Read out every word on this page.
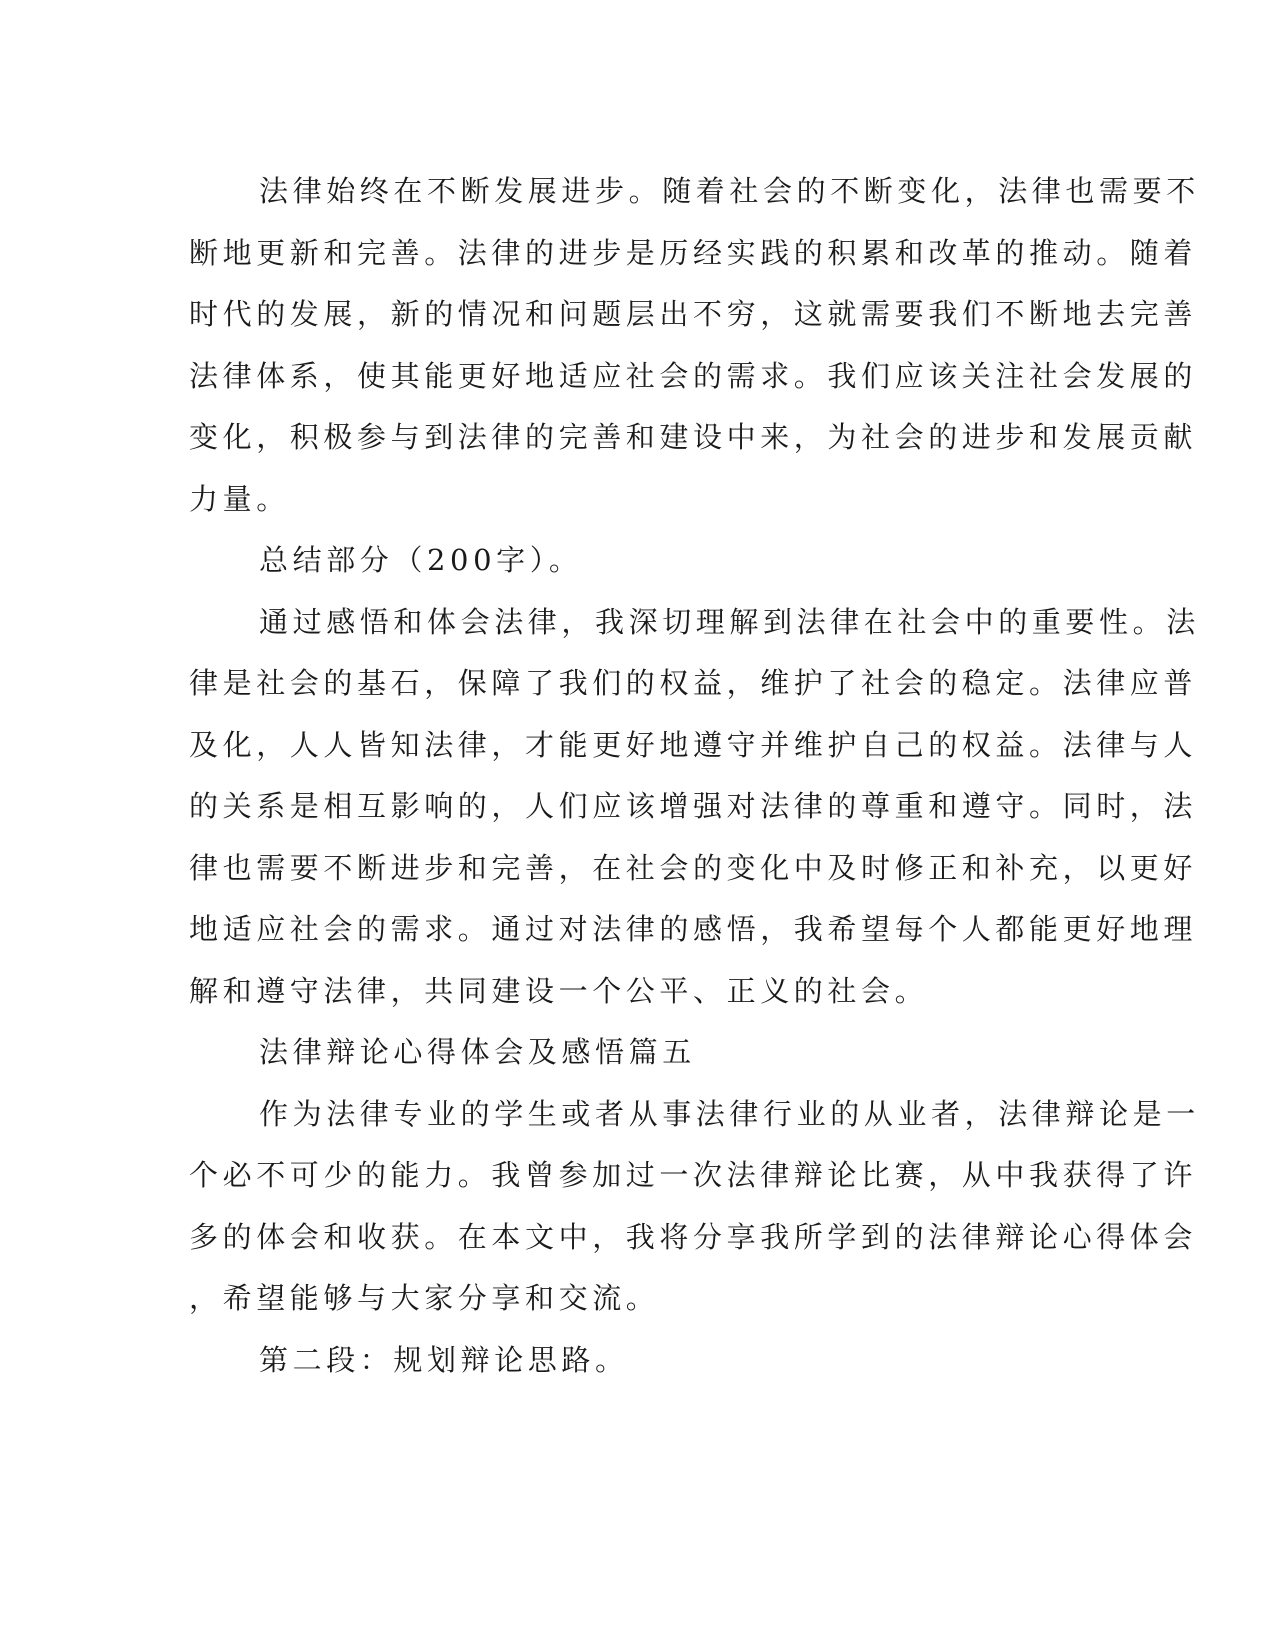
法律始终在不断发展进步。随着社会的不断变化，法律也需要不
断地更新和完善。法律的进步是历经实践的积累和改革的推动。随着
时代的发展，新的情况和问题层出不穷，这就需要我们不断地去完善
法律体系，使其能更好地适应社会的需求。我们应该关注社会发展的
变化，积极参与到法律的完善和建设中来，为社会的进步和发展贡献
力量。
总结部分（200字）。
通过感悟和体会法律，我深切理解到法律在社会中的重要性。法
律是社会的基石，保障了我们的权益，维护了社会的稳定。法律应普
及化，人人皆知法律，才能更好地遵守并维护自己的权益。法律与人
的关系是相互影响的，人们应该增强对法律的尊重和遵守。同时，法
律也需要不断进步和完善，在社会的变化中及时修正和补充，以更好
地适应社会的需求。通过对法律的感悟，我希望每个人都能更好地理
解和遵守法律，共同建设一个公平、正义的社会。
法律辩论心得体会及感悟篇五
作为法律专业的学生或者从事法律行业的从业者，法律辩论是一
个必不可少的能力。我曾参加过一次法律辩论比赛，从中我获得了许
多的体会和收获。在本文中，我将分享我所学到的法律辩论心得体会
，希望能够与大家分享和交流。
第二段：规划辩论思路。
